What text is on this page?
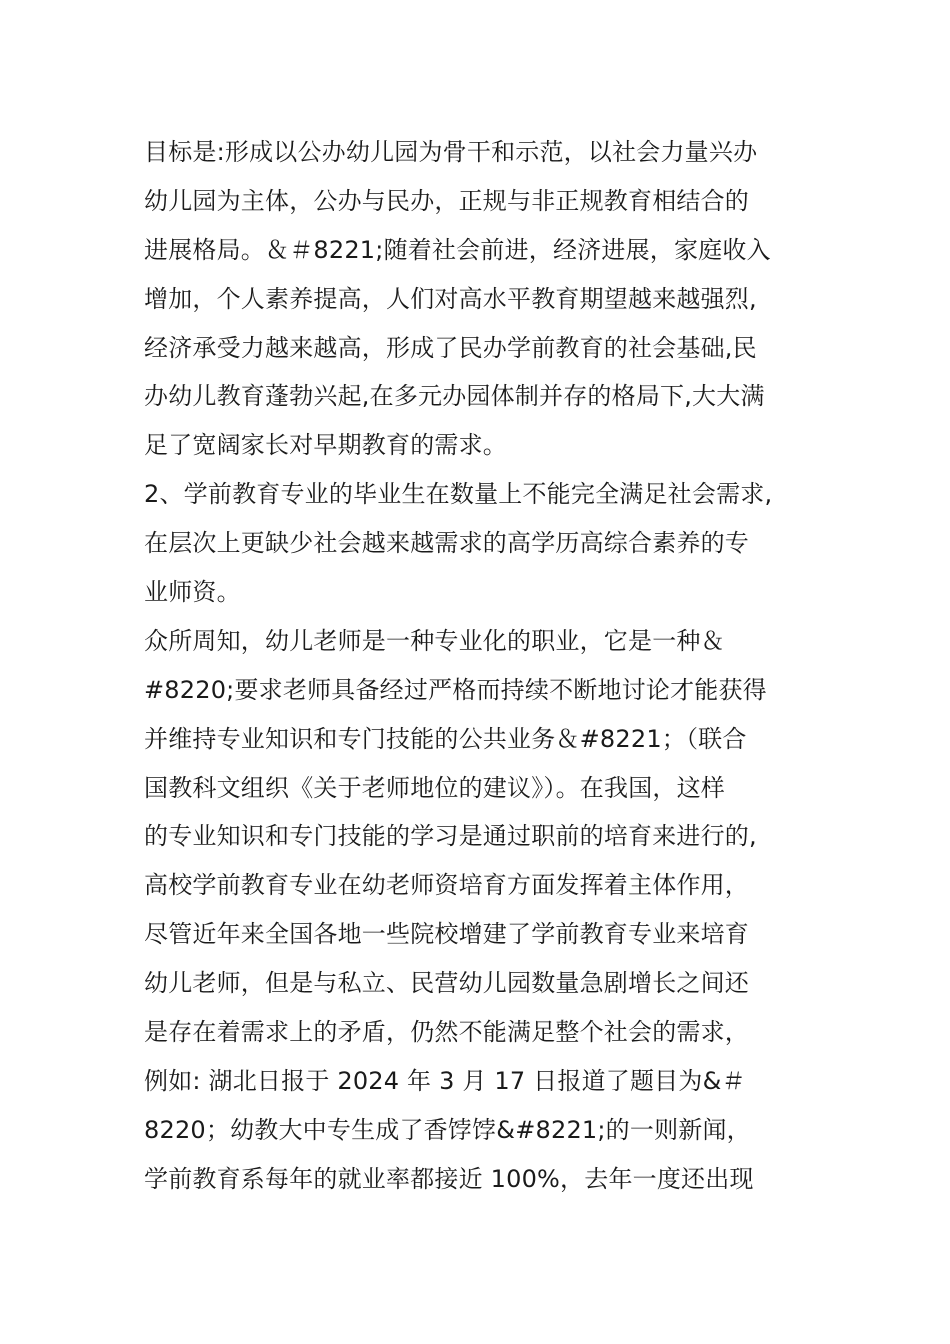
目标是:形成以公办幼儿园为骨干和示范，以社会力量兴办
幼儿园为主体，公办与民办，正规与非正规教育相结合的
进展格局。＆＃8221;随着社会前进，经济进展，家庭收入
增加，个人素养提高，人们对高水平教育期望越来越强烈,
经济承受力越来越高，形成了民办学前教育的社会基础,民
办幼儿教育蓬勃兴起,在多元办园体制并存的格局下,大大满
足了宽阔家长对早期教育的需求。
2、学前教育专业的毕业生在数量上不能完全满足社会需求,
在层次上更缺少社会越来越需求的高学历高综合素养的专
业师资。
众所周知，幼儿老师是一种专业化的职业，它是一种＆
#8220;要求老师具备经过严格而持续不断地讨论才能获得
并维持专业知识和专门技能的公共业务＆#8221；（联合
国教科文组织《关于老师地位的建议》）。在我国，这样
的专业知识和专门技能的学习是通过职前的培育来进行的,
高校学前教育专业在幼老师资培育方面发挥着主体作用，
尽管近年来全国各地一些院校增建了学前教育专业来培育
幼儿老师，但是与私立、民营幼儿园数量急剧增长之间还
是存在着需求上的矛盾，仍然不能满足整个社会的需求，
例如: 湖北日报于 2024 年 3 月 17 日报道了题目为&＃
8220；幼教大中专生成了香饽饽&#8221;的一则新闻，
学前教育系每年的就业率都接近 100%，去年一度还出现
